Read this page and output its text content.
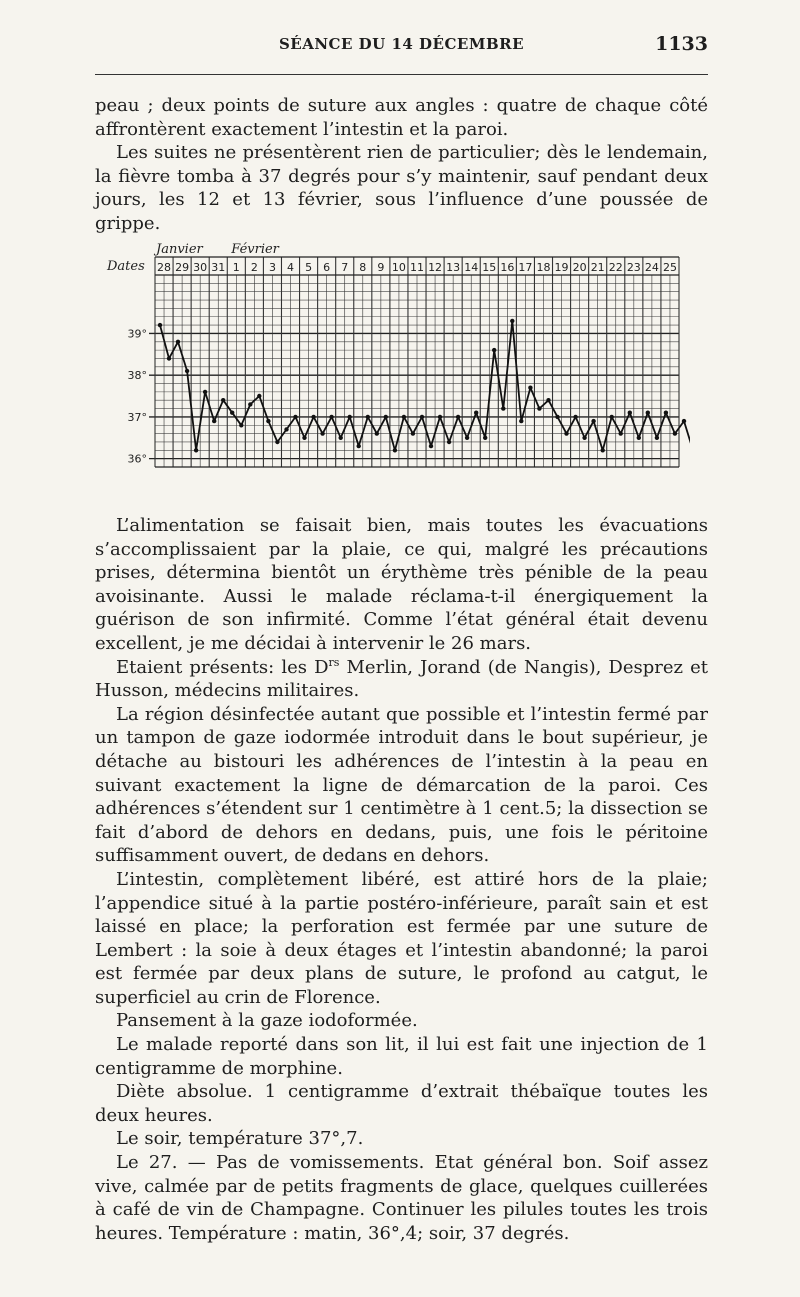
SÉANCE DU 14 DÉCEMBRE	1133

peau ; deux points de suture aux angles : quatre de chaque côté affrontèrent exactement l’intestin et la paroi.

Les suites ne présentèrent rien de particulier; dès le lendemain, la fièvre tomba à 37 degrés pour s’y maintenir, sauf pendant deux jours, les 12 et 13 février, sous l’influence d’une poussée de grippe.

28 29 30 31 1 2 3 4 5 6 7 8 9 10 11 12 13 14 15 16 17 18 19 20 21 22 23 24 25
Dates
Janvier Février
39°
38°
37°
36°

L’alimentation se faisait bien, mais toutes les évacuations s’accomplissaient par la plaie, ce qui, malgré les précautions prises, détermina bientôt un érythème très pénible de la peau avoisinante. Aussi le malade réclama-t-il énergiquement la guérison de son infirmité. Comme l’état général était devenu excellent, je me décidai à intervenir le 26 mars.

Etaient présents: les $D^{rs}$ Merlin, Jorand (de Nangis), Desprez et Husson, médecins militaires.

La région désinfectée autant que possible et l’intestin fermé par un tampon de gaze iodormée introduit dans le bout supérieur, je détache au bistouri les adhérences de l’intestin à la peau en suivant exactement la ligne de démarcation de la paroi. Ces adhérences s’étendent sur 1 centimètre à 1 cent.5; la dissection se fait d’abord de dehors en dedans, puis, une fois le péritoine suffisamment ouvert, de dedans en dehors.

L’intestin, complètement libéré, est attiré hors de la plaie; l’appendice situé à la partie postéro-inférieure, paraît sain et est laissé en place; la perforation est fermée par une suture de Lembert : la soie à deux étages et l’intestin abandonné; la paroi est fermée par deux plans de suture, le profond au catgut, le superficiel au crin de Florence.

Pansement à la gaze iodoformée.

Le malade reporté dans son lit, il lui est fait une injection de 1 centigramme de morphine.

Diète absolue. 1 centigramme d’extrait thébaïque toutes les deux heures.

Le soir, température 37°,7.

Le 27. — Pas de vomissements. Etat général bon. Soif assez vive, calmée par de petits fragments de glace, quelques cuillerées à café de vin de Champagne. Continuer les pilules toutes les trois heures. Température : matin, 36°,4; soir, 37 degrés.
